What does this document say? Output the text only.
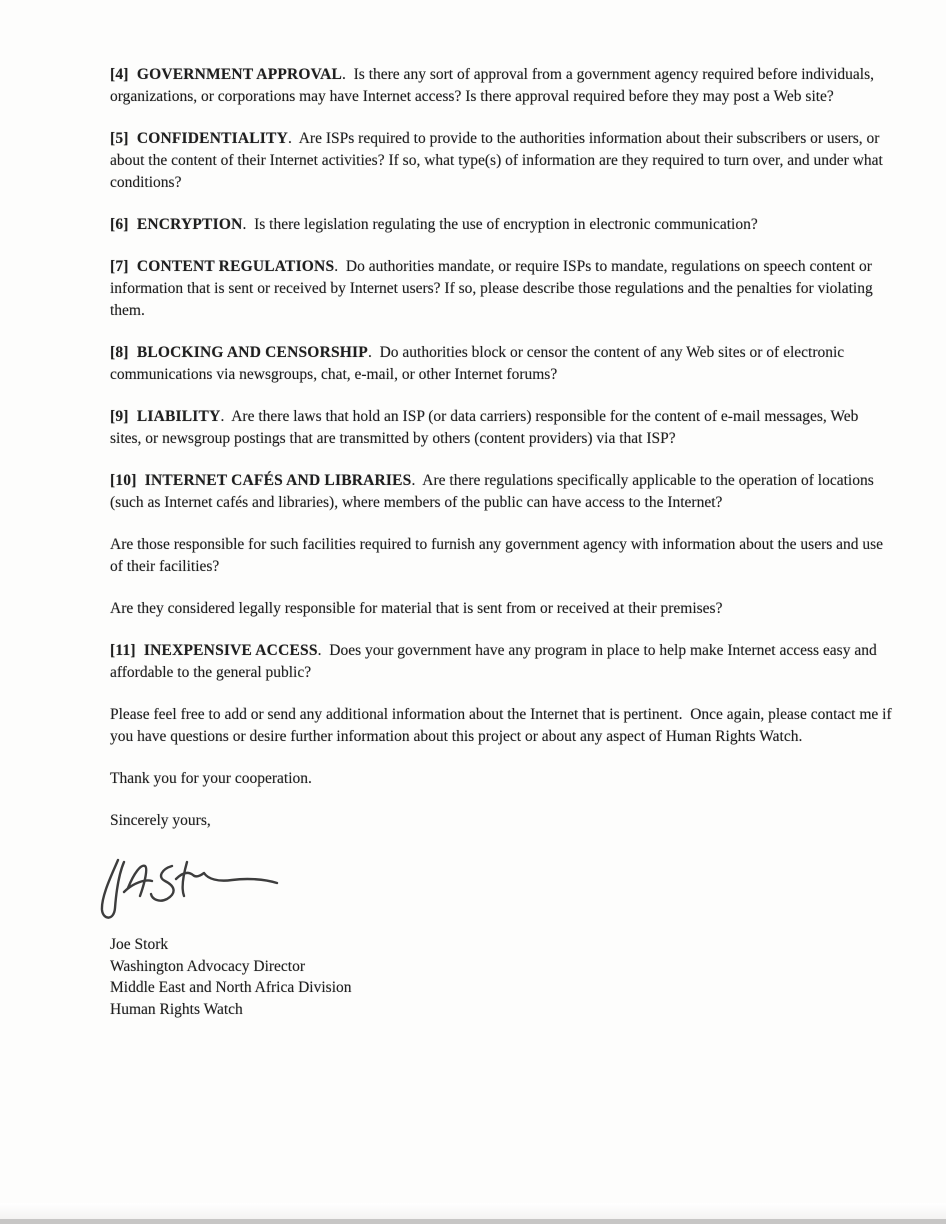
[4]  GOVERNMENT APPROVAL.  Is there any sort of approval from a government agency required before individuals, organizations, or corporations may have Internet access? Is there approval required before they may post a Web site?

[5]  CONFIDENTIALITY.  Are ISPs required to provide to the authorities information about their subscribers or users, or about the content of their Internet activities? If so, what type(s) of information are they required to turn over, and under what conditions?

[6]  ENCRYPTION.  Is there legislation regulating the use of encryption in electronic communication?

[7]  CONTENT REGULATIONS.  Do authorities mandate, or require ISPs to mandate, regulations on speech content or information that is sent or received by Internet users? If so, please describe those regulations and the penalties for violating them.

[8]  BLOCKING AND CENSORSHIP.  Do authorities block or censor the content of any Web sites or of electronic communications via newsgroups, chat, e-mail, or other Internet forums?

[9]  LIABILITY.  Are there laws that hold an ISP (or data carriers) responsible for the content of e-mail messages, Web sites, or newsgroup postings that are transmitted by others (content providers) via that ISP?

[10]  INTERNET CAFÉS AND LIBRARIES.  Are there regulations specifically applicable to the operation of locations (such as Internet cafés and libraries), where members of the public can have access to the Internet?

Are those responsible for such facilities required to furnish any government agency with information about the users and use of their facilities?

Are they considered legally responsible for material that is sent from or received at their premises?

[11]  INEXPENSIVE ACCESS.  Does your government have any program in place to help make Internet access easy and affordable to the general public?

Please feel free to add or send any additional information about the Internet that is pertinent.  Once again, please contact me if you have questions or desire further information about this project or about any aspect of Human Rights Watch.

Thank you for your cooperation.

Sincerely yours,

Joe Stork
Washington Advocacy Director
Middle East and North Africa Division
Human Rights Watch
